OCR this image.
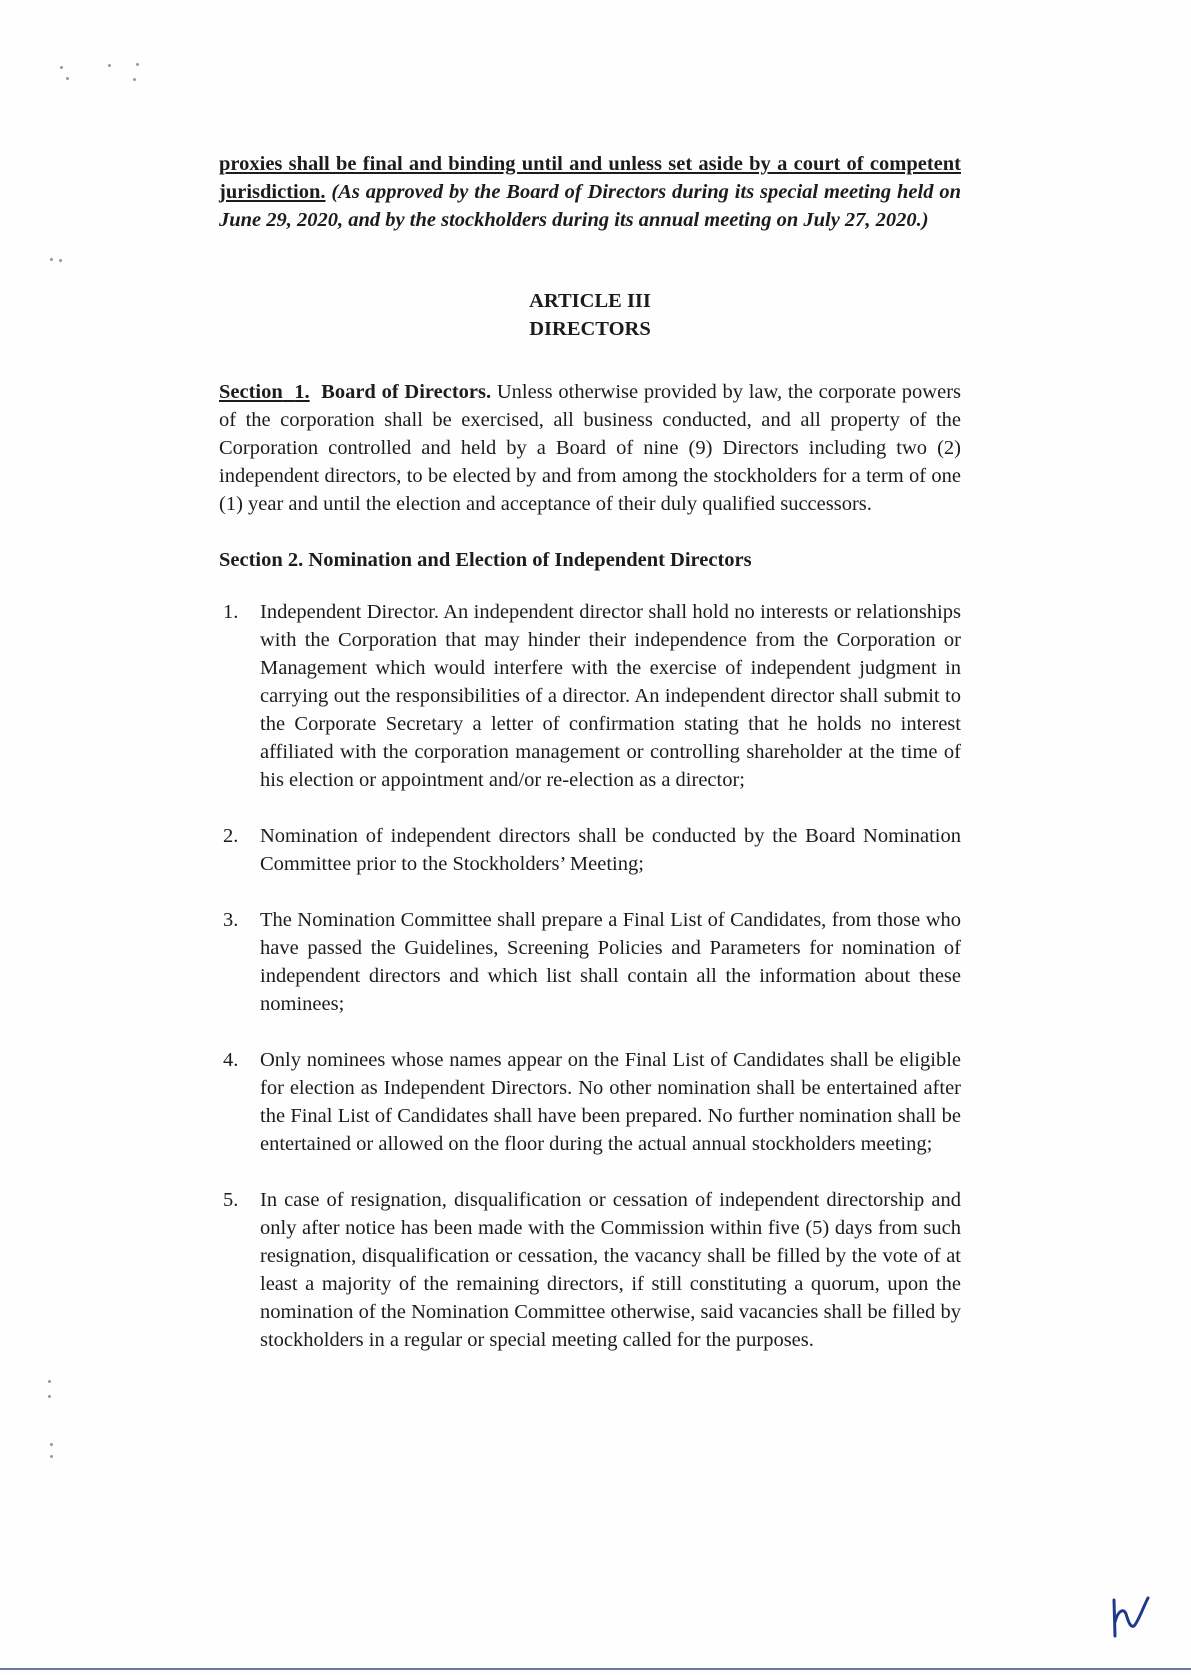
proxies shall be final and binding until and unless set aside by a court of competent jurisdiction. (As approved by the Board of Directors during its special meeting held on June 29, 2020, and by the stockholders during its annual meeting on July 27, 2020.)

ARTICLE III
DIRECTORS

Section 1. Board of Directors. Unless otherwise provided by law, the corporate powers of the corporation shall be exercised, all business conducted, and all property of the Corporation controlled and held by a Board of nine (9) Directors including two (2) independent directors, to be elected by and from among the stockholders for a term of one (1) year and until the election and acceptance of their duly qualified successors.

Section 2. Nomination and Election of Independent Directors
1. Independent Director. An independent director shall hold no interests or relationships with the Corporation that may hinder their independence from the Corporation or Management which would interfere with the exercise of independent judgment in carrying out the responsibilities of a director. An independent director shall submit to the Corporate Secretary a letter of confirmation stating that he holds no interest affiliated with the corporation management or controlling shareholder at the time of his election or appointment and/or re-election as a director;
2. Nomination of independent directors shall be conducted by the Board Nomination Committee prior to the Stockholders’ Meeting;
3. The Nomination Committee shall prepare a Final List of Candidates, from those who have passed the Guidelines, Screening Policies and Parameters for nomination of independent directors and which list shall contain all the information about these nominees;
4. Only nominees whose names appear on the Final List of Candidates shall be eligible for election as Independent Directors. No other nomination shall be entertained after the Final List of Candidates shall have been prepared. No further nomination shall be entertained or allowed on the floor during the actual annual stockholders meeting;
5. In case of resignation, disqualification or cessation of independent directorship and only after notice has been made with the Commission within five (5) days from such resignation, disqualification or cessation, the vacancy shall be filled by the vote of at least a majority of the remaining directors, if still constituting a quorum, upon the nomination of the Nomination Committee otherwise, said vacancies shall be filled by stockholders in a regular or special meeting called for the purposes.
